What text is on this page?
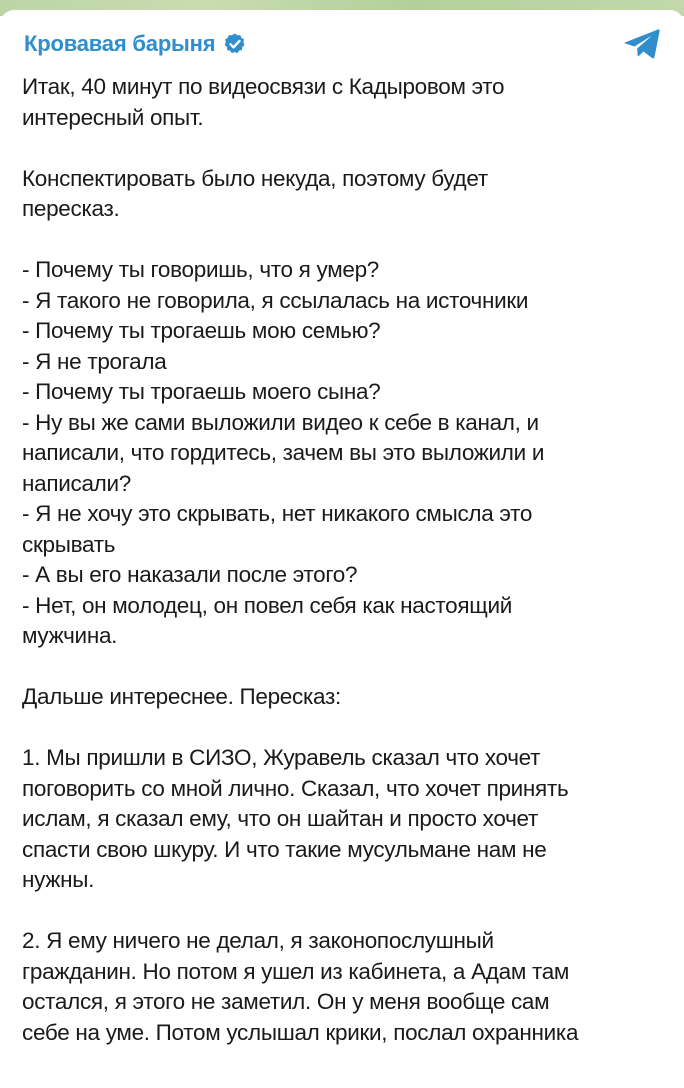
Кровавая барыня
Итак, 40 минут по видеосвязи с Кадыровом это
интересный опыт.
Конспектировать было некуда, поэтому будет
пересказ.
- Почему ты говоришь, что я умер?
- Я такого не говорила, я ссылалась на источники
- Почему ты трогаешь мою семью?
- Я не трогала
- Почему ты трогаешь моего сына?
- Ну вы же сами выложили видео к себе в канал, и
написали, что гордитесь, зачем вы это выложили и
написали?
- Я не хочу это скрывать, нет никакого смысла это
скрывать
- А вы его наказали после этого?
- Нет, он молодец, он повел себя как настоящий
мужчина.
Дальше интереснее. Пересказ:
1. Мы пришли в СИЗО, Журавель сказал что хочет
поговорить со мной лично. Сказал, что хочет принять
ислам, я сказал ему, что он шайтан и просто хочет
спасти свою шкуру. И что такие мусульмане нам не
нужны.
2. Я ему ничего не делал, я законопослушный
гражданин. Но потом я ушел из кабинета, а Адам там
остался, я этого не заметил. Он у меня вообще сам
себе на уме. Потом услышал крики, послал охранника
